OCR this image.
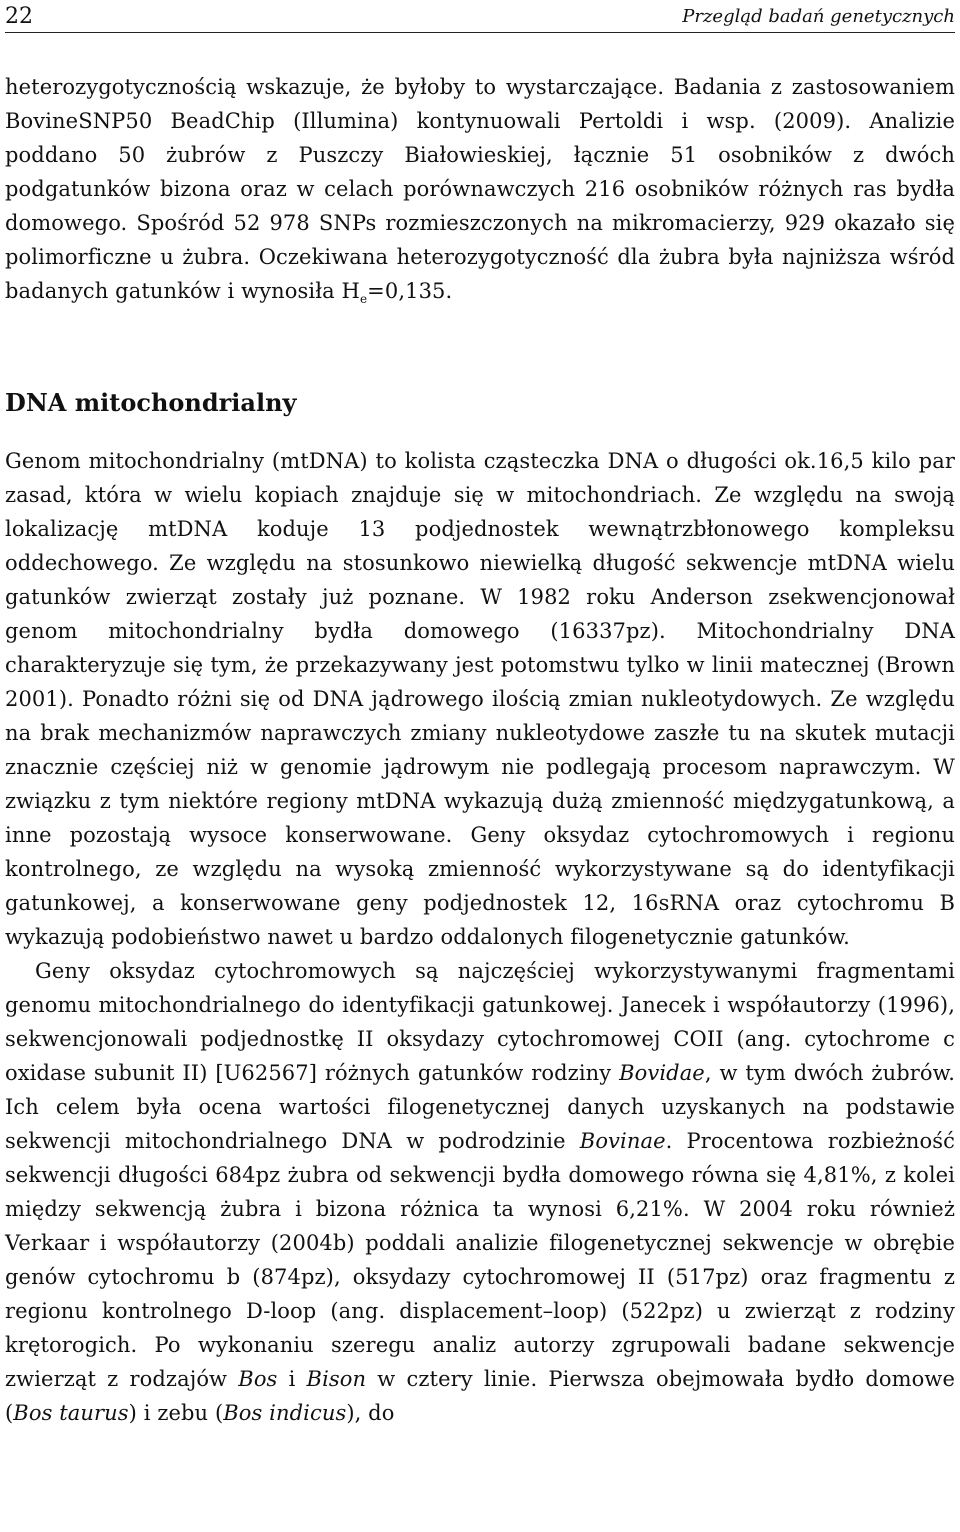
22	Przegląd badań genetycznych

heterozygotycznością wskazuje, że byłoby to wystarczające. Badania z zastosowaniem BovineSNP50 BeadChip (Illumina) kontynuowali Pertoldi i wsp. (2009). Analizie poddano 50 żubrów z Puszczy Białowieskiej, łącznie 51 osobników z dwóch podgatunków bizona oraz w celach porównawczych 216 osobników różnych ras bydła domowego. Spośród 52 978 SNPs rozmieszczonych na mikromacierzy, 929 okazało się polimorficzne u żubra. Oczekiwana heterozygotyczność dla żubra była najniższa wśród badanych gatunków i wynosiła $H_e=0,135$.

DNA mitochondrialny

Genom mitochondrialny (mtDNA) to kolista cząsteczka DNA o długości ok.16,5 kilo par zasad, która w wielu kopiach znajduje się w mitochondriach. Ze względu na swoją lokalizację mtDNA koduje 13 podjednostek wewnątrzbłonowego kompleksu oddechowego. Ze względu na stosunkowo niewielką długość sekwencje mtDNA wielu gatunków zwierząt zostały już poznane. W 1982 roku Anderson zsekwencjonował genom mitochondrialny bydła domowego (16337pz). Mitochondrialny DNA charakteryzuje się tym, że przekazywany jest potomstwu tylko w linii matecznej (Brown 2001). Ponadto różni się od DNA jądrowego ilością zmian nukleotydowych. Ze względu na brak mechanizmów naprawczych zmiany nukleotydowe zaszłe tu na skutek mutacji znacznie częściej niż w genomie jądrowym nie podlegają procesom naprawczym. W związku z tym niektóre regiony mtDNA wykazują dużą zmienność międzygatunkową, a inne pozostają wysoce konserwowane. Geny oksydaz cytochromowych i regionu kontrolnego, ze względu na wysoką zmienność wykorzystywane są do identyfikacji gatunkowej, a konserwowane geny podjednostek 12, 16sRNA oraz cytochromu B wykazują podobieństwo nawet u bardzo oddalonych filogenetycznie gatunków.

Geny oksydaz cytochromowych są najczęściej wykorzystywanymi fragmentami genomu mitochondrialnego do identyfikacji gatunkowej. Janecek i współautorzy (1996), sekwencjonowali podjednostkę II oksydazy cytochromowej COII (ang. cytochrome c oxidase subunit II) [U62567] różnych gatunków rodziny Bovidae, w tym dwóch żubrów. Ich celem była ocena wartości filogenetycznej danych uzyskanych na podstawie sekwencji mitochondrialnego DNA w podrodzinie Bovinae. Procentowa rozbieżność sekwencji długości 684pz żubra od sekwencji bydła domowego równa się 4,81%, z kolei między sekwencją żubra i bizona różnica ta wynosi 6,21%. W 2004 roku również Verkaar i współautorzy (2004b) poddali analizie filogenetycznej sekwencje w obrębie genów cytochromu b (874pz), oksydazy cytochromowej II (517pz) oraz fragmentu z regionu kontrolnego D-loop (ang. displacement–loop) (522pz) u zwierząt z rodziny krętorogich. Po wykonaniu szeregu analiz autorzy zgrupowali badane sekwencje zwierząt z rodzajów Bos i Bison w cztery linie. Pierwsza obejmowała bydło domowe (Bos taurus) i zebu (Bos indicus), do
